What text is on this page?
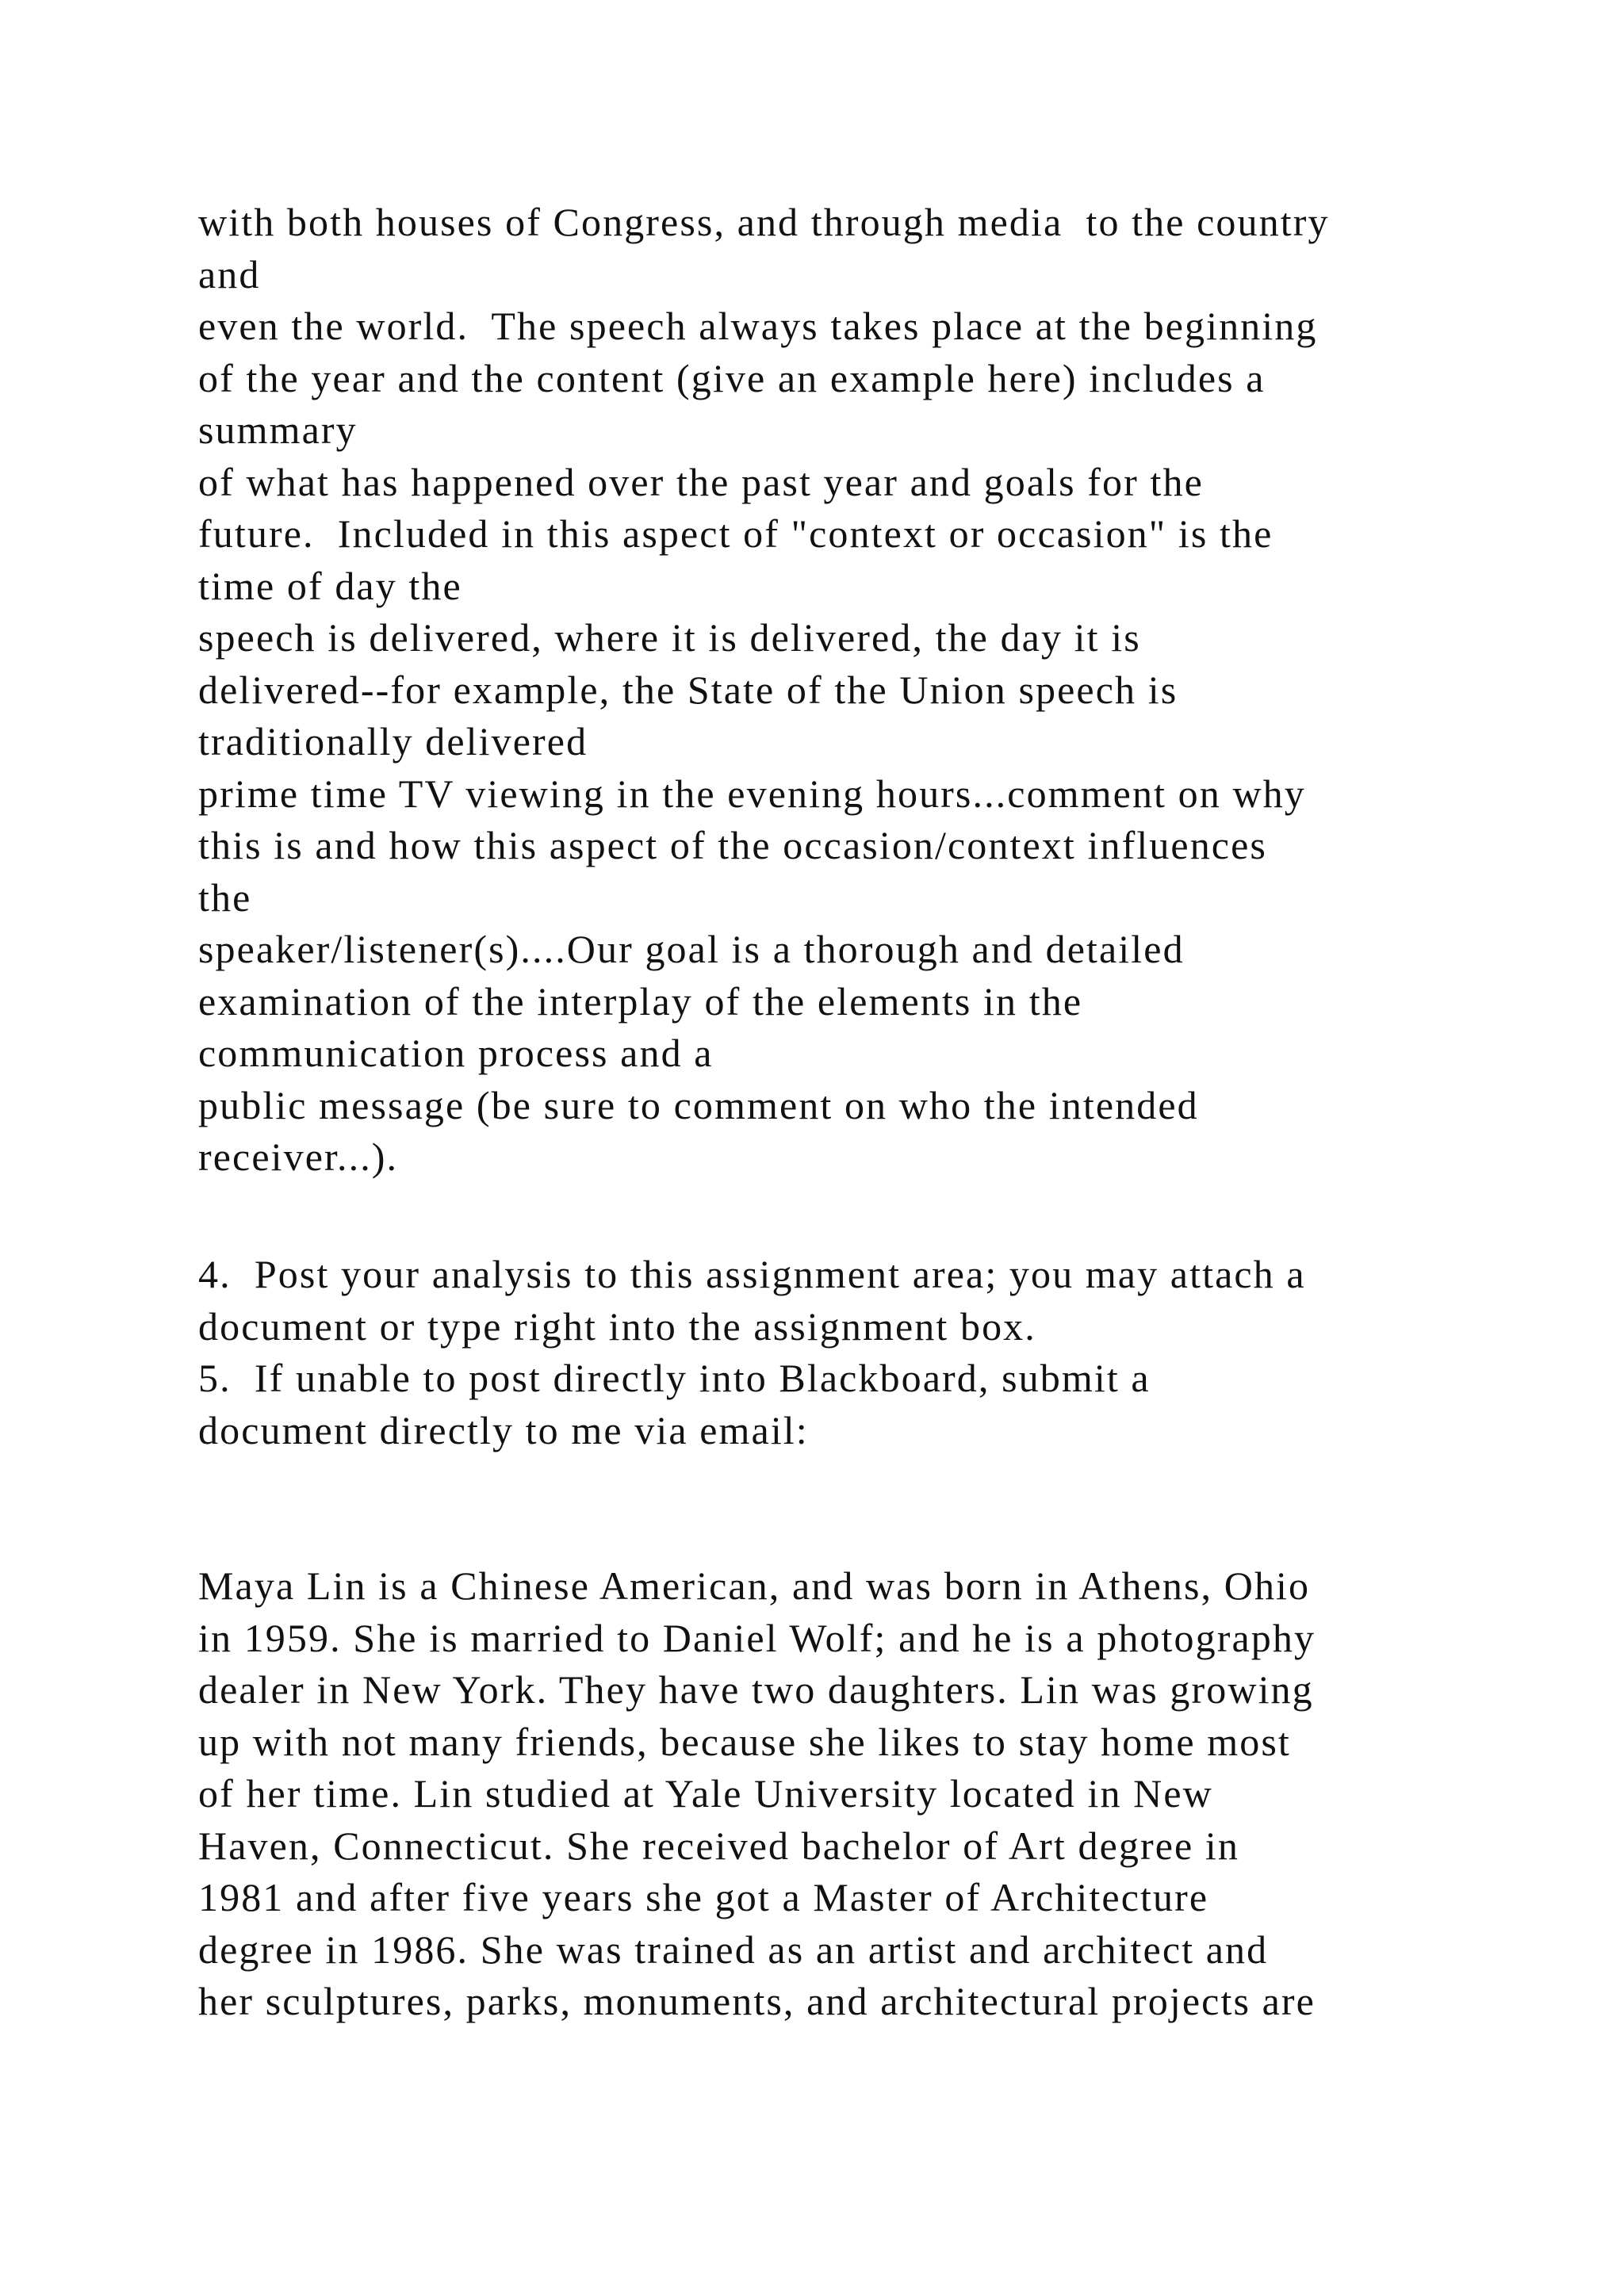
with both houses of Congress, and through media  to the country
and
even the world.  The speech always takes place at the beginning
of the year and the content (give an example here) includes a
summary
of what has happened over the past year and goals for the
future.  Included in this aspect of "context or occasion" is the
time of day the
speech is delivered, where it is delivered, the day it is
delivered--for example, the State of the Union speech is
traditionally delivered
prime time TV viewing in the evening hours...comment on why
this is and how this aspect of the occasion/context influences
the
speaker/listener(s)....Our goal is a thorough and detailed
examination of the interplay of the elements in the
communication process and a
public message (be sure to comment on who the intended
receiver...).
4.  Post your analysis to this assignment area; you may attach a
document or type right into the assignment box.
5.  If unable to post directly into Blackboard, submit a
document directly to me via email:
Maya Lin is a Chinese American, and was born in Athens, Ohio
in 1959. She is married to Daniel Wolf; and he is a photography
dealer in New York. They have two daughters. Lin was growing
up with not many friends, because she likes to stay home most
of her time. Lin studied at Yale University located in New
Haven, Connecticut. She received bachelor of Art degree in
1981 and after five years she got a Master of Architecture
degree in 1986. She was trained as an artist and architect and
her sculptures, parks, monuments, and architectural projects are
